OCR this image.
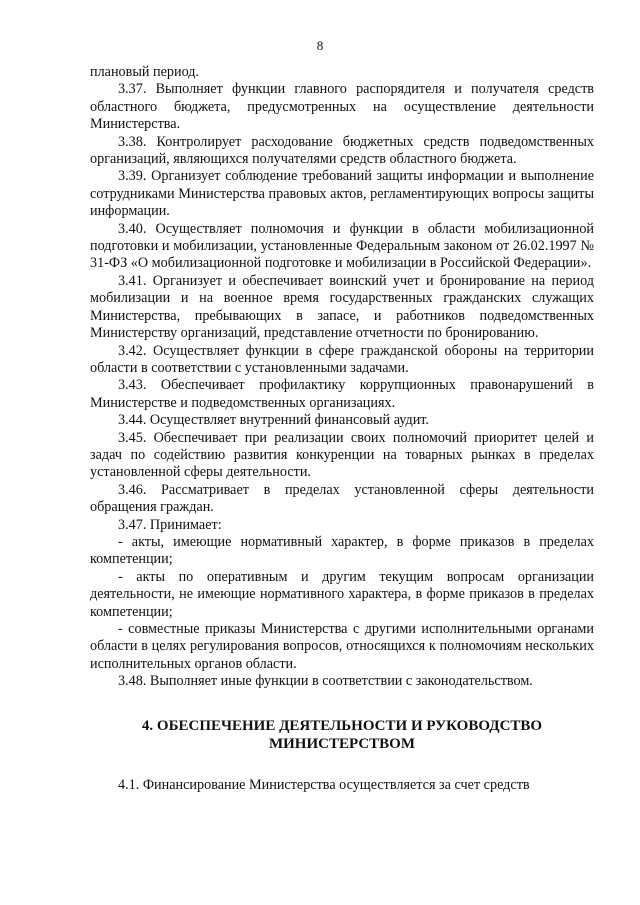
8

плановый период.

3.37. Выполняет функции главного распорядителя и получателя средств областного бюджета, предусмотренных на осуществление деятельности Министерства.

3.38. Контролирует расходование бюджетных средств подведомственных организаций, являющихся получателями средств областного бюджета.

3.39. Организует соблюдение требований защиты информации и выполнение сотрудниками Министерства правовых актов, регламентирующих вопросы защиты информации.

3.40. Осуществляет полномочия и функции в области мобилизационной подготовки и мобилизации, установленные Федеральным законом от 26.02.1997 № 31-ФЗ «О мобилизационной подготовке и мобилизации в Российской Федерации».

3.41. Организует и обеспечивает воинский учет и бронирование на период мобилизации и на военное время государственных гражданских служащих Министерства, пребывающих в запасе, и работников подведомственных Министерству организаций, представление отчетности по бронированию.

3.42. Осуществляет функции в сфере гражданской обороны на территории области в соответствии с установленными задачами.

3.43. Обеспечивает профилактику коррупционных правонарушений в Министерстве и подведомственных организациях.

3.44. Осуществляет внутренний финансовый аудит.

3.45. Обеспечивает при реализации своих полномочий приоритет целей и задач по содействию развития конкуренции на товарных рынках в пределах установленной сферы деятельности.

3.46. Рассматривает в пределах установленной сферы деятельности обращения граждан.

3.47. Принимает:

- акты, имеющие нормативный характер, в форме приказов в пределах компетенции;

- акты по оперативным и другим текущим вопросам организации деятельности, не имеющие нормативного характера, в форме приказов в пределах компетенции;

- совместные приказы Министерства с другими исполнительными органами области в целях регулирования вопросов, относящихся к полномочиям нескольких исполнительных органов области.

3.48. Выполняет иные функции в соответствии с законодательством.

4. ОБЕСПЕЧЕНИЕ ДЕЯТЕЛЬНОСТИ И РУКОВОДСТВО
МИНИСТЕРСТВОМ

4.1. Финансирование Министерства осуществляется за счет средств
